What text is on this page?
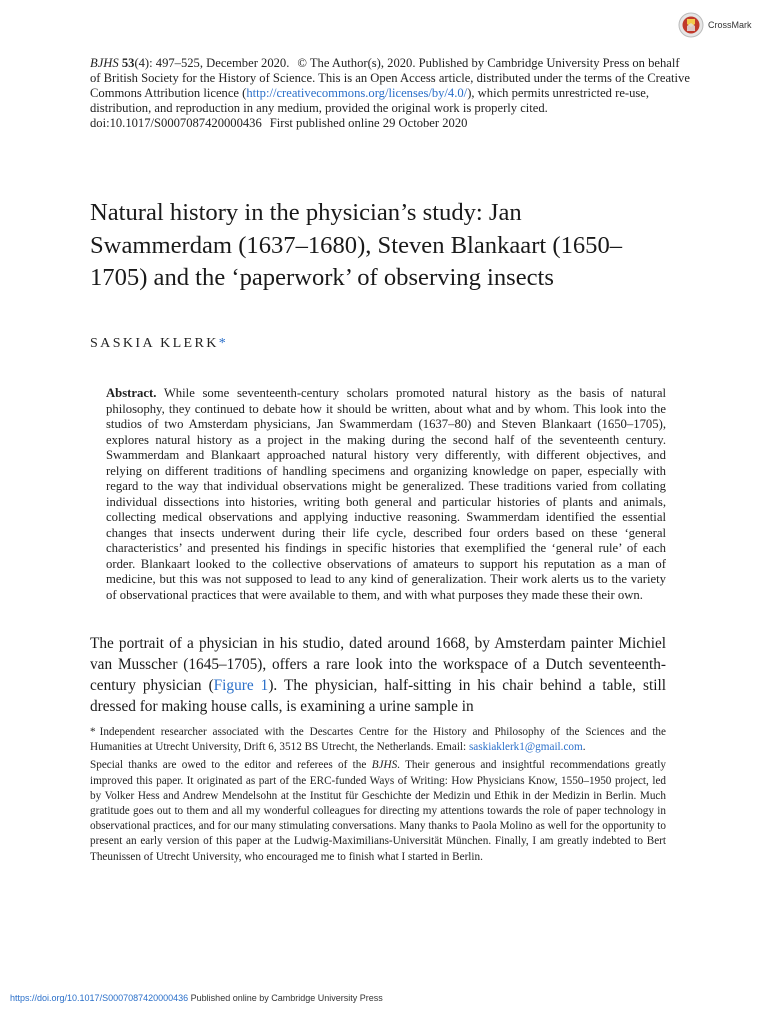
CrossMark
BJHS 53(4): 497–525, December 2020. © The Author(s), 2020. Published by Cambridge University Press on behalf of British Society for the History of Science. This is an Open Access article, distributed under the terms of the Creative Commons Attribution licence (http://creativecommons.org/licenses/by/4.0/), which permits unrestricted re-use, distribution, and reproduction in any medium, provided the original work is properly cited.
doi:10.1017/S0007087420000436 First published online 29 October 2020
Natural history in the physician’s study: Jan Swammerdam (1637–1680), Steven Blankaart (1650–1705) and the ‘paperwork’ of observing insects
SASKIA KLERK*

Abstract. While some seventeenth-century scholars promoted natural history as the basis of natural philosophy, they continued to debate how it should be written, about what and by whom. This look into the studios of two Amsterdam physicians, Jan Swammerdam (1637–80) and Steven Blankaart (1650–1705), explores natural history as a project in the making during the second half of the seventeenth century. Swammerdam and Blankaart approached natural history very differently, with different objectives, and relying on different traditions of handling specimens and organizing knowledge on paper, especially with regard to the way that individual observations might be generalized. These traditions varied from collating individual dissections into histories, writing both general and particular histories of plants and animals, collecting medical observations and applying inductive reasoning. Swammerdam identified the essential changes that insects underwent during their life cycle, described four orders based on these ‘general characteristics’ and presented his findings in specific histories that exemplified the ‘general rule’ of each order. Blankaart looked to the collective observations of amateurs to support his reputation as a man of medicine, but this was not supposed to lead to any kind of generalization. Their work alerts us to the variety of observational practices that were available to them, and with what purposes they made these their own.

The portrait of a physician in his studio, dated around 1668, by Amsterdam painter Michiel van Musscher (1645–1705), offers a rare look into the workspace of a Dutch seventeenth-century physician (Figure 1). The physician, half-sitting in his chair behind a table, still dressed for making house calls, is examining a urine sample in

* Independent researcher associated with the Descartes Centre for the History and Philosophy of the Sciences and the Humanities at Utrecht University, Drift 6, 3512 BS Utrecht, the Netherlands. Email: saskiaklerk1@gmail.com.

Special thanks are owed to the editor and referees of the BJHS. Their generous and insightful recommendations greatly improved this paper. It originated as part of the ERC-funded Ways of Writing: How Physicians Know, 1550–1950 project, led by Volker Hess and Andrew Mendelsohn at the Institut für Geschichte der Medizin und Ethik in der Medizin in Berlin. Much gratitude goes out to them and all my wonderful colleagues for directing my attentions towards the role of paper technology in observational practices, and for our many stimulating conversations. Many thanks to Paola Molino as well for the opportunity to present an early version of this paper at the Ludwig-Maximilians-Universität München. Finally, I am greatly indebted to Bert Theunissen of Utrecht University, who encouraged me to finish what I started in Berlin.

https://doi.org/10.1017/S0007087420000436 Published online by Cambridge University Press
